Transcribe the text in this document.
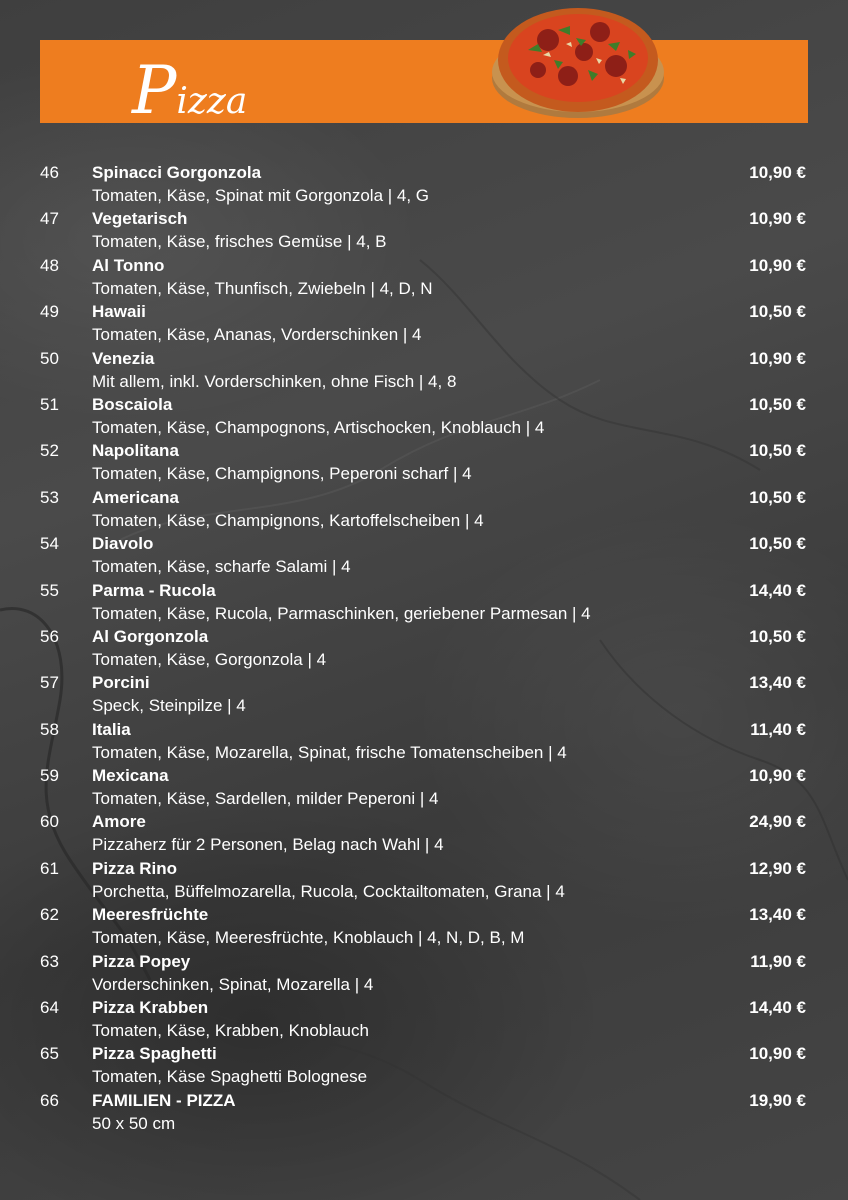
Pizza
46 Spinacci Gorgonzola	10,90 €
Tomaten, Käse, Spinat mit Gorgonzola | 4, G
47 Vegetarisch	10,90 €
Tomaten, Käse, frisches Gemüse | 4, B
48 Al Tonno	10,90 €
Tomaten, Käse, Thunfisch, Zwiebeln | 4, D, N
49 Hawaii	10,50 €
Tomaten, Käse, Ananas, Vorderschinken | 4
50 Venezia	10,90 €
Mit allem, inkl. Vorderschinken, ohne Fisch | 4, 8
51 Boscaiola	10,50 €
Tomaten, Käse, Champognons, Artischocken, Knoblauch | 4
52 Napolitana	10,50 €
Tomaten, Käse, Champignons, Peperoni scharf | 4
53 Americana	10,50 €
Tomaten, Käse, Champignons, Kartoffelscheiben | 4
54 Diavolo	10,50 €
Tomaten, Käse, scharfe Salami | 4
55 Parma - Rucola	14,40 €
Tomaten, Käse, Rucola, Parmaschinken, geriebener Parmesan | 4
56 Al Gorgonzola	10,50 €
Tomaten, Käse, Gorgonzola | 4
57 Porcini	13,40 €
Speck, Steinpilze | 4
58 Italia	11,40 €
Tomaten, Käse, Mozarella, Spinat, frische Tomatenscheiben | 4
59 Mexicana	10,90 €
Tomaten, Käse, Sardellen, milder Peperoni | 4
60 Amore	24,90 €
Pizzaherz für 2 Personen, Belag nach Wahl | 4
61 Pizza Rino	12,90 €
Porchetta, Büffelmozarella, Rucola, Cocktailtomaten, Grana | 4
62 Meeresfrüchte	13,40 €
Tomaten, Käse, Meeresfrüchte, Knoblauch | 4, N, D, B, M
63 Pizza Popey	11,90 €
Vorderschinken, Spinat, Mozarella | 4
64 Pizza Krabben	14,40 €
Tomaten, Käse, Krabben, Knoblauch
65 Pizza Spaghetti	10,90 €
Tomaten, Käse Spaghetti Bolognese
66 FAMILIEN - PIZZA	19,90 €
50 x 50 cm
